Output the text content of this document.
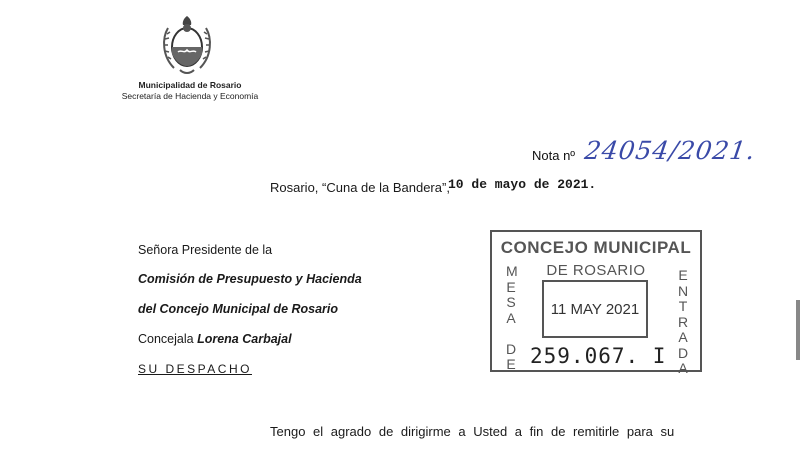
Municipalidad de Rosario
Secretaría de Hacienda y Economía
Nota nº 24054/2021.
Rosario, “Cuna de la Bandera”,
10 de mayo de 2021.
Señora Presidente de la
Comisión de Presupuesto y Hacienda
del Concejo Municipal de Rosario
Concejala Lorena Carbajal
SU DESPACHO
CONCEJO MUNICIPAL
DE ROSARIO
M
E
S
A

D
E
E
N
T
R
A
D
A
11 MAY 2021
259.067. I
Tengo el agrado de dirigirme a Usted a fin de remitirle para su
